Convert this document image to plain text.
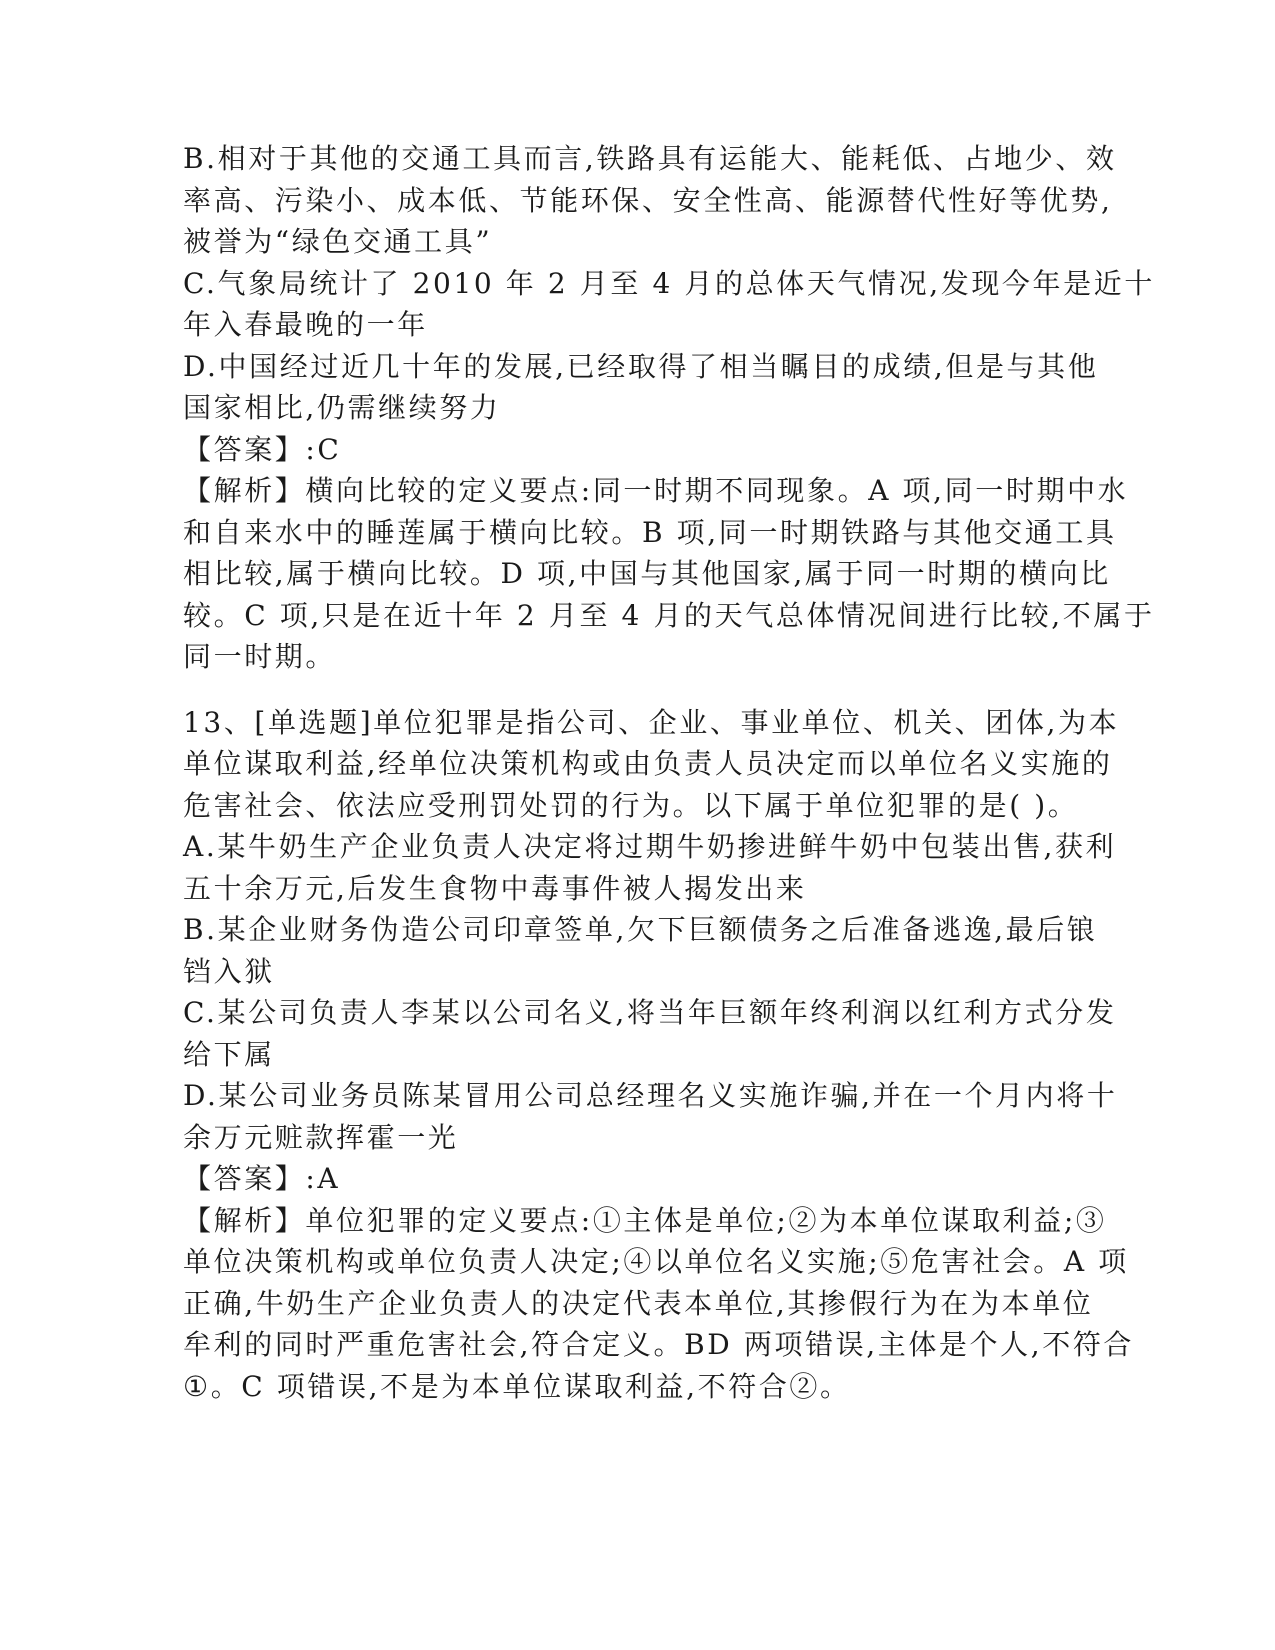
B.相对于其他的交通工具而言,铁路具有运能大、能耗低、占地少、效
率高、污染小、成本低、节能环保、安全性高、能源替代性好等优势,
被誉为“绿色交通工具”
C.气象局统计了 2010 年 2 月至 4 月的总体天气情况,发现今年是近十
年入春最晚的一年
D.中国经过近几十年的发展,已经取得了相当瞩目的成绩,但是与其他
国家相比,仍需继续努力
【答案】:C
【解析】横向比较的定义要点:同一时期不同现象。A 项,同一时期中水
和自来水中的睡莲属于横向比较。B 项,同一时期铁路与其他交通工具
相比较,属于横向比较。D 项,中国与其他国家,属于同一时期的横向比
较。C 项,只是在近十年 2 月至 4 月的天气总体情况间进行比较,不属于
同一时期。
13、[单选题]单位犯罪是指公司、企业、事业单位、机关、团体,为本
单位谋取利益,经单位决策机构或由负责人员决定而以单位名义实施的
危害社会、依法应受刑罚处罚的行为。以下属于单位犯罪的是( )。
A.某牛奶生产企业负责人决定将过期牛奶掺进鲜牛奶中包装出售,获利
五十余万元,后发生食物中毒事件被人揭发出来
B.某企业财务伪造公司印章签单,欠下巨额债务之后准备逃逸,最后锒
铛入狱
C.某公司负责人李某以公司名义,将当年巨额年终利润以红利方式分发
给下属
D.某公司业务员陈某冒用公司总经理名义实施诈骗,并在一个月内将十
余万元赃款挥霍一光
【答案】:A
【解析】单位犯罪的定义要点:①主体是单位;②为本单位谋取利益;③
单位决策机构或单位负责人决定;④以单位名义实施;⑤危害社会。A 项
正确,牛奶生产企业负责人的决定代表本单位,其掺假行为在为本单位
牟利的同时严重危害社会,符合定义。BD 两项错误,主体是个人,不符合
①。C 项错误,不是为本单位谋取利益,不符合②。
